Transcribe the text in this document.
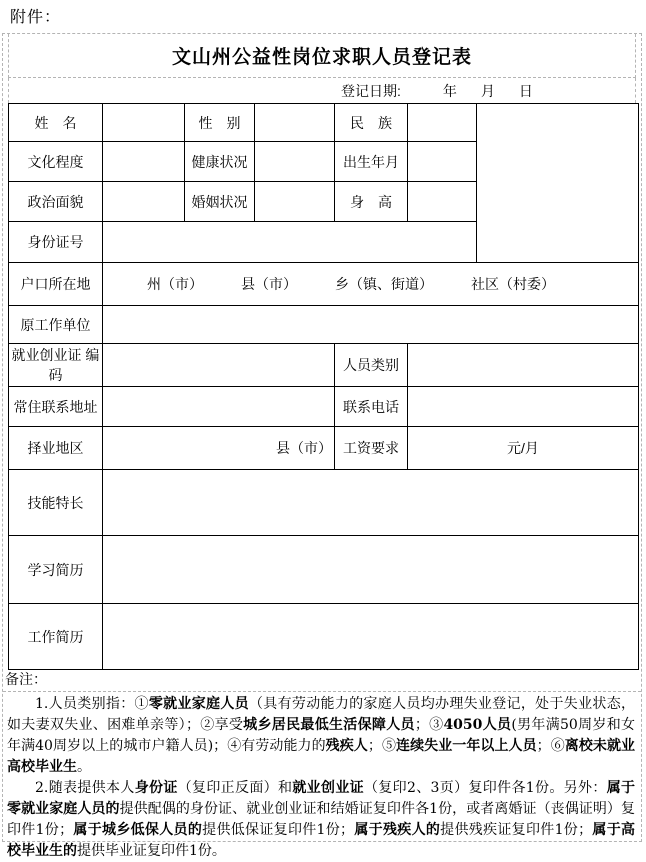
附件：
文山州公益性岗位求职人员登记表
登记日期:	年　月　日
姓　名		性　别		民　族		
文化程度		健康状况		出生年月		
政治面貌		婚姻状况		身　高		
身份证号						
户口所在地	州（市） 县（市） 乡（镇、街道） 社区（村委）					

原工作单位						
就业创业证 编码				人员类别		
常住联系地址				联系电话		
择业地区	县（市）			工资要求	元/月	
技能特长						
学习简历						
工作简历						
备注：

1.人员类别指：①零就业家庭人员（具有劳动能力的家庭人员均办理失业登记，处于失业状态，如夫妻双失业、困难单亲等）；②享受城乡居民最低生活保障人员；③4050人员(男年满50周岁和女年满40周岁以上的城市户籍人员)；④有劳动能力的残疾人；⑤连续失业一年以上人员；⑥离校未就业高校毕业生。

2.随表提供本人身份证（复印正反面）和就业创业证（复印2、3页）复印件各1份。另外：属于零就业家庭人员的提供配偶的身份证、就业创业证和结婚证复印件各1份，或者离婚证（丧偶证明）复印件1份；属于城乡低保人员的提供低保证复印件1份；属于残疾人的提供残疾证复印件1份；属于高校毕业生的提供毕业证复印件1份。
